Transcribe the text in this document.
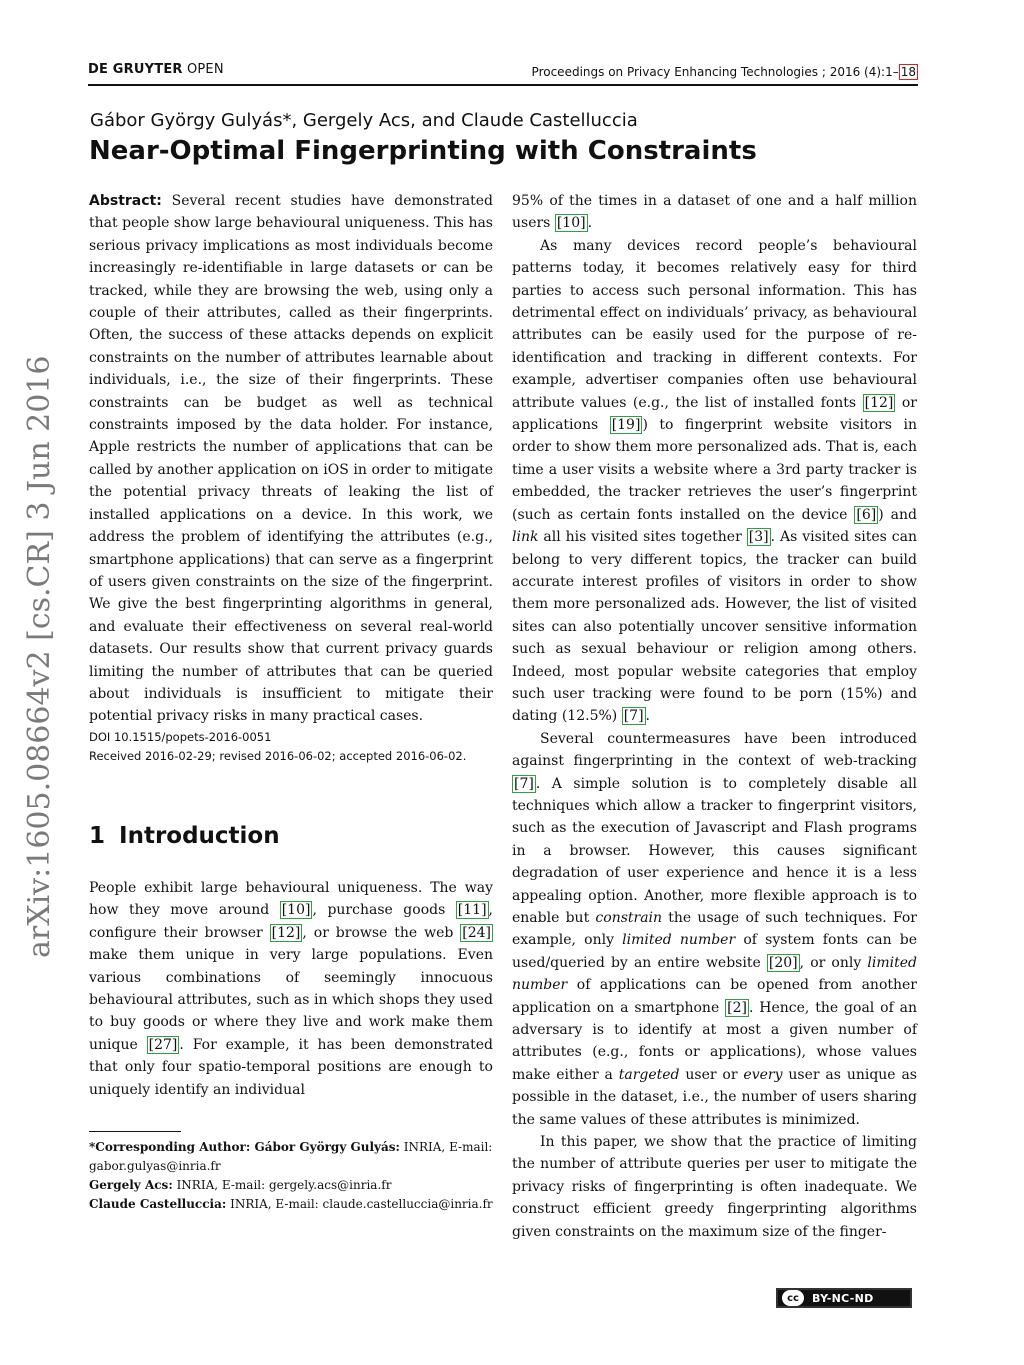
DE GRUYTER OPEN	Proceedings on Privacy Enhancing Technologies ; 2016 (4):1– 18
Gábor György Gulyás*, Gergely Acs, and Claude Castelluccia
Near-Optimal Fingerprinting with Constraints

Abstract: Several recent studies have demonstrated that people show large behavioural uniqueness. This has serious privacy implications as most individuals become increasingly re-identifiable in large datasets or can be tracked, while they are browsing the web, using only a couple of their attributes, called as their fingerprints. Often, the success of these attacks depends on explicit constraints on the number of attributes learnable about individuals, i.e., the size of their fingerprints. These constraints can be budget as well as technical constraints imposed by the data holder. For instance, Apple restricts the number of applications that can be called by another application on iOS in order to mitigate the potential privacy threats of leaking the list of installed applications on a device. In this work, we address the problem of identifying the attributes (e.g., smartphone applications) that can serve as a fingerprint of users given constraints on the size of the fingerprint. We give the best fingerprinting algorithms in general, and evaluate their effectiveness on several real-world datasets. Our results show that current privacy guards limiting the number of attributes that can be queried about individuals is insufficient to mitigate their potential privacy risks in many practical cases.

DOI 10.1515/popets-2016-0051

Received 2016-02-29; revised 2016-06-02; accepted 2016-06-02.

1 Introduction

People exhibit large behavioural uniqueness. The way how they move around [10] , purchase goods [11] , configure their browser [12] , or browse the web [24] make them unique in very large populations. Even various combinations of seemingly innocuous behavioural attributes, such as in which shops they used to buy goods or where they live and work make them unique [27] . For example, it has been demonstrated that only four spatio-temporal positions are enough to uniquely identify an individual

95% of the times in a dataset of one and a half million users [10] .

As many devices record people’s behavioural patterns today, it becomes relatively easy for third parties to access such personal information. This has detrimental effect on individuals’ privacy, as behavioural attributes can be easily used for the purpose of re-identification and tracking in different contexts. For example, advertiser companies often use behavioural attribute values (e.g., the list of installed fonts [12] or applications [19] ) to fingerprint website visitors in order to show them more personalized ads. That is, each time a user visits a website where a 3rd party tracker is embedded, the tracker retrieves the user’s fingerprint (such as certain fonts installed on the device [6] ) and link all his visited sites together [3] . As visited sites can belong to very different topics, the tracker can build accurate interest profiles of visitors in order to show them more personalized ads. However, the list of visited sites can also potentially uncover sensitive information such as sexual behaviour or religion among others. Indeed, most popular website categories that employ such user tracking were found to be porn (15%) and dating (12.5%) [7] .

Several countermeasures have been introduced against fingerprinting in the context of web-tracking [7] . A simple solution is to completely disable all techniques which allow a tracker to fingerprint visitors, such as the execution of Javascript and Flash programs in a browser. However, this causes significant degradation of user experience and hence it is a less appealing option. Another, more flexible approach is to enable but constrain the usage of such techniques. For example, only limited number of system fonts can be used/queried by an entire website [20] , or only limited number of applications can be opened from another application on a smartphone [2] . Hence, the goal of an adversary is to identify at most a given number of attributes (e.g., fonts or applications), whose values make either a targeted user or every user as unique as possible in the dataset, i.e., the number of users sharing the same values of these attributes is minimized.

In this paper, we show that the practice of limiting the number of attribute queries per user to mitigate the privacy risks of fingerprinting is often inadequate. We construct efficient greedy fingerprinting algorithms given constraints on the maximum size of the finger-

*Corresponding Author: Gábor György Gulyás: INRIA, E-mail: gabor.gulyas@inria.fr

Gergely Acs: INRIA, E-mail: gergely.acs@inria.fr

Claude Castelluccia: INRIA, E-mail: claude.castelluccia@inria.fr

arXiv:1605.08664v2 [cs.CR] 3 Jun 2016
cc	BY-NC-ND
